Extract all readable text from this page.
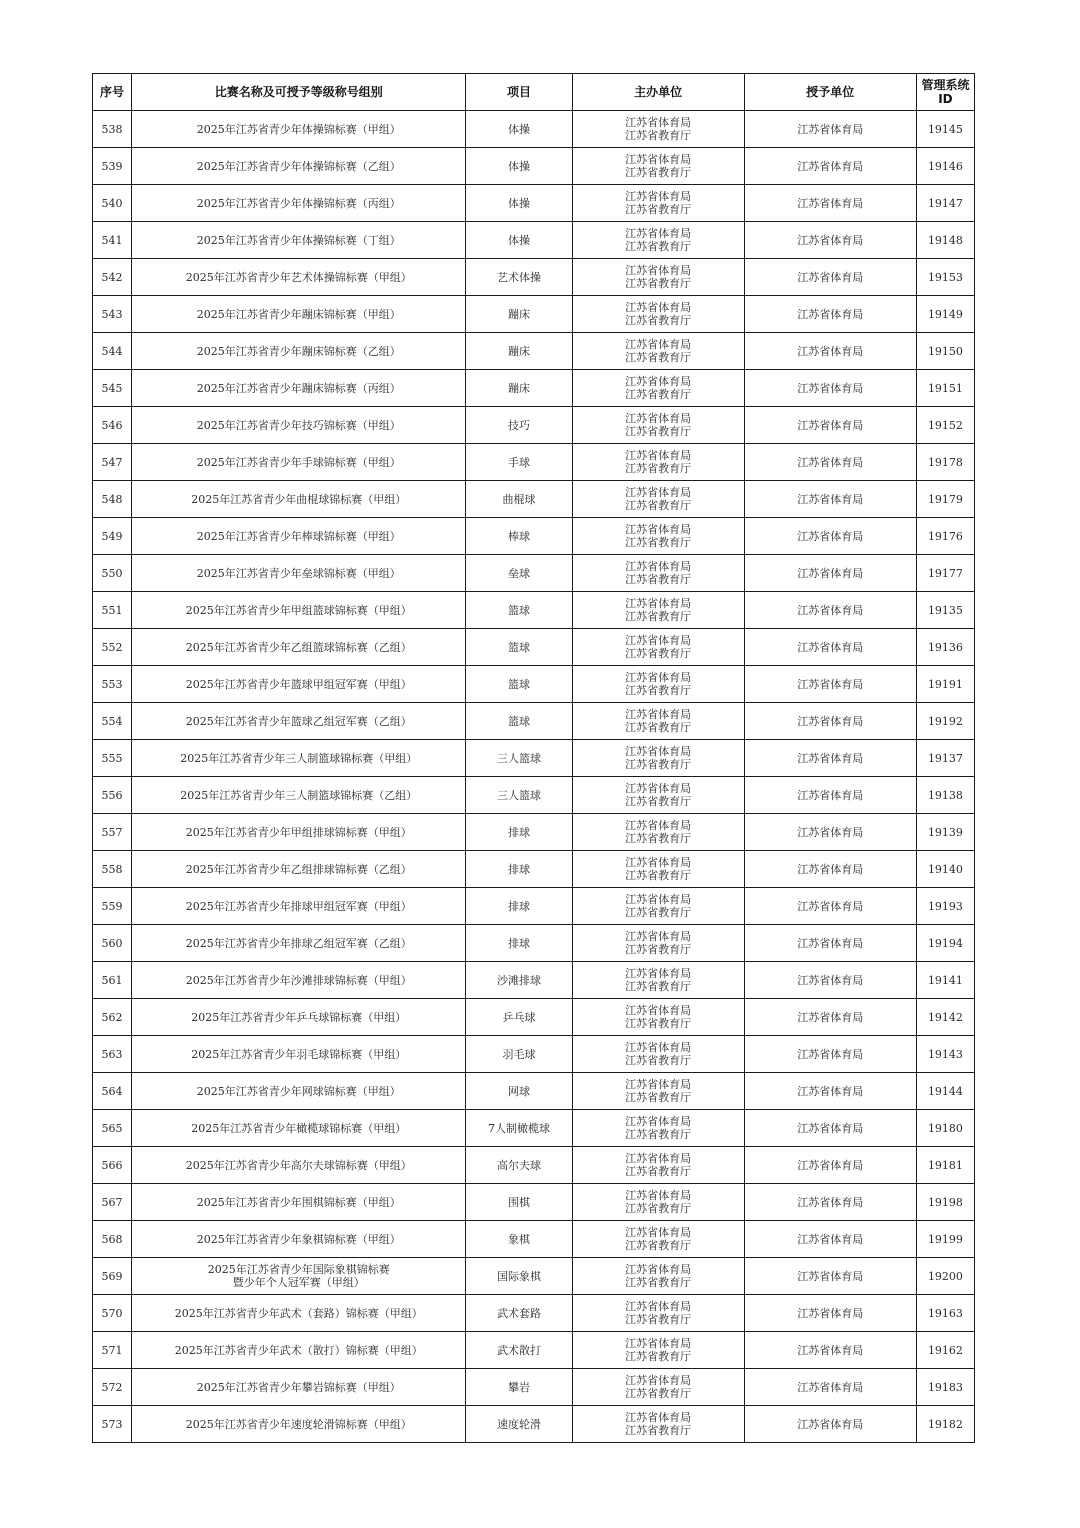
序号	比赛名称及可授予等级称号组别	项目	主办单位	授予单位	管理系统
ID

538	2025年江苏省青少年体操锦标赛（甲组）	体操	江苏省体育局
江苏省教育厅	江苏省体育局	19145
539	2025年江苏省青少年体操锦标赛（乙组）	体操	江苏省体育局
江苏省教育厅	江苏省体育局	19146
540	2025年江苏省青少年体操锦标赛（丙组）	体操	江苏省体育局
江苏省教育厅	江苏省体育局	19147
541	2025年江苏省青少年体操锦标赛（丁组）	体操	江苏省体育局
江苏省教育厅	江苏省体育局	19148
542	2025年江苏省青少年艺术体操锦标赛（甲组）	艺术体操	江苏省体育局
江苏省教育厅	江苏省体育局	19153
543	2025年江苏省青少年蹦床锦标赛（甲组）	蹦床	江苏省体育局
江苏省教育厅	江苏省体育局	19149
544	2025年江苏省青少年蹦床锦标赛（乙组）	蹦床	江苏省体育局
江苏省教育厅	江苏省体育局	19150
545	2025年江苏省青少年蹦床锦标赛（丙组）	蹦床	江苏省体育局
江苏省教育厅	江苏省体育局	19151
546	2025年江苏省青少年技巧锦标赛（甲组）	技巧	江苏省体育局
江苏省教育厅	江苏省体育局	19152
547	2025年江苏省青少年手球锦标赛（甲组）	手球	江苏省体育局
江苏省教育厅	江苏省体育局	19178
548	2025年江苏省青少年曲棍球锦标赛（甲组）	曲棍球	江苏省体育局
江苏省教育厅	江苏省体育局	19179
549	2025年江苏省青少年棒球锦标赛（甲组）	棒球	江苏省体育局
江苏省教育厅	江苏省体育局	19176
550	2025年江苏省青少年垒球锦标赛（甲组）	垒球	江苏省体育局
江苏省教育厅	江苏省体育局	19177
551	2025年江苏省青少年甲组篮球锦标赛（甲组）	篮球	江苏省体育局
江苏省教育厅	江苏省体育局	19135
552	2025年江苏省青少年乙组篮球锦标赛（乙组）	篮球	江苏省体育局
江苏省教育厅	江苏省体育局	19136
553	2025年江苏省青少年篮球甲组冠军赛（甲组）	篮球	江苏省体育局
江苏省教育厅	江苏省体育局	19191
554	2025年江苏省青少年篮球乙组冠军赛（乙组）	篮球	江苏省体育局
江苏省教育厅	江苏省体育局	19192
555	2025年江苏省青少年三人制篮球锦标赛（甲组）	三人篮球	江苏省体育局
江苏省教育厅	江苏省体育局	19137
556	2025年江苏省青少年三人制篮球锦标赛（乙组）	三人篮球	江苏省体育局
江苏省教育厅	江苏省体育局	19138
557	2025年江苏省青少年甲组排球锦标赛（甲组）	排球	江苏省体育局
江苏省教育厅	江苏省体育局	19139
558	2025年江苏省青少年乙组排球锦标赛（乙组）	排球	江苏省体育局
江苏省教育厅	江苏省体育局	19140
559	2025年江苏省青少年排球甲组冠军赛（甲组）	排球	江苏省体育局
江苏省教育厅	江苏省体育局	19193
560	2025年江苏省青少年排球乙组冠军赛（乙组）	排球	江苏省体育局
江苏省教育厅	江苏省体育局	19194
561	2025年江苏省青少年沙滩排球锦标赛（甲组）	沙滩排球	江苏省体育局
江苏省教育厅	江苏省体育局	19141
562	2025年江苏省青少年乒乓球锦标赛（甲组）	乒乓球	江苏省体育局
江苏省教育厅	江苏省体育局	19142
563	2025年江苏省青少年羽毛球锦标赛（甲组）	羽毛球	江苏省体育局
江苏省教育厅	江苏省体育局	19143
564	2025年江苏省青少年网球锦标赛（甲组）	网球	江苏省体育局
江苏省教育厅	江苏省体育局	19144
565	2025年江苏省青少年橄榄球锦标赛（甲组）	7人制橄榄球	江苏省体育局
江苏省教育厅	江苏省体育局	19180
566	2025年江苏省青少年高尔夫球锦标赛（甲组）	高尔夫球	江苏省体育局
江苏省教育厅	江苏省体育局	19181
567	2025年江苏省青少年围棋锦标赛（甲组）	围棋	江苏省体育局
江苏省教育厅	江苏省体育局	19198
568	2025年江苏省青少年象棋锦标赛（甲组）	象棋	江苏省体育局
江苏省教育厅	江苏省体育局	19199
569	2025年江苏省青少年国际象棋锦标赛
暨少年个人冠军赛（甲组）	国际象棋	江苏省体育局
江苏省教育厅	江苏省体育局	19200
570	2025年江苏省青少年武术（套路）锦标赛（甲组）	武术套路	江苏省体育局
江苏省教育厅	江苏省体育局	19163
571	2025年江苏省青少年武术（散打）锦标赛（甲组）	武术散打	江苏省体育局
江苏省教育厅	江苏省体育局	19162
572	2025年江苏省青少年攀岩锦标赛（甲组）	攀岩	江苏省体育局
江苏省教育厅	江苏省体育局	19183
573	2025年江苏省青少年速度轮滑锦标赛（甲组）	速度轮滑	江苏省体育局
江苏省教育厅	江苏省体育局	19182
